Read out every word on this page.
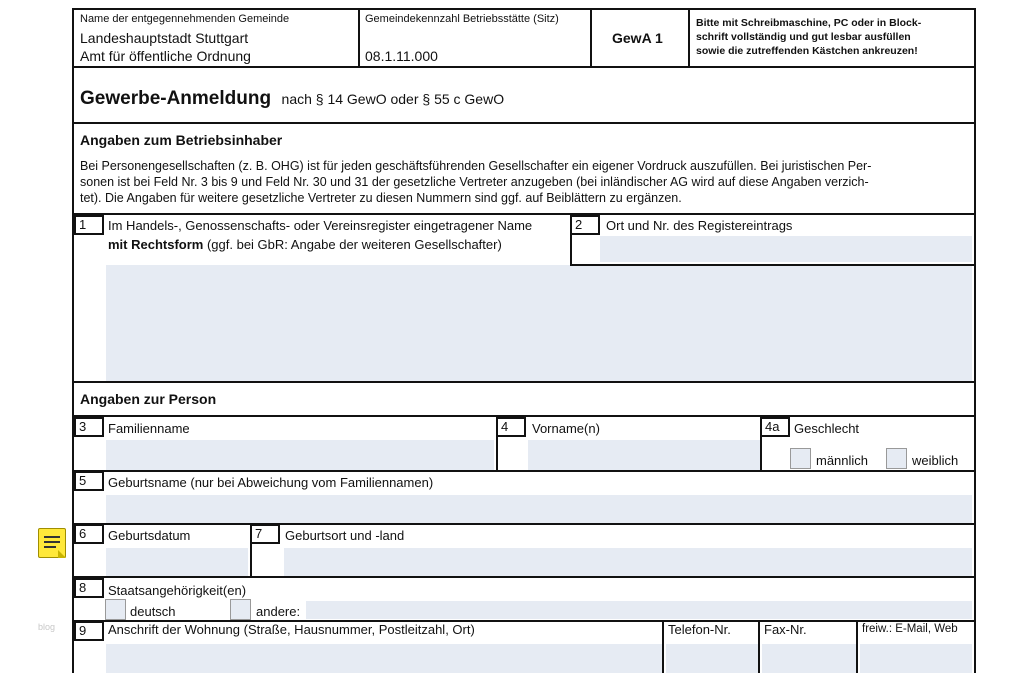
Name der entgegennehmenden Gemeinde
Landeshauptstadt Stuttgart
Amt für öffentliche Ordnung
Gemeindekennzahl Betriebsstätte (Sitz)
08.1.11.000
GewA 1
Bitte mit Schreibmaschine, PC oder in Block-
schrift vollständig und gut lesbar ausfüllen
sowie die zutreffenden Kästchen ankreuzen!
Gewerbe-Anmeldung nach § 14 GewO oder § 55 c GewO
Angaben zum Betriebsinhaber
Bei Personengesellschaften (z. B. OHG) ist für jeden geschäftsführenden Gesellschafter ein eigener Vordruck auszufüllen. Bei juristischen Per-
sonen ist bei Feld Nr. 3 bis 9 und Feld Nr. 30 und 31 der gesetzliche Vertreter anzugeben (bei inländischer AG wird auf diese Angaben verzich-
tet). Die Angaben für weitere gesetzliche Vertreter zu diesen Nummern sind ggf. auf Beiblättern zu ergänzen.
1	Im Handels-, Genossenschafts- oder Vereinsregister eingetragener Name
mit Rechtsform (ggf. bei GbR: Angabe der weiteren Gesellschafter)
2	Ort und Nr. des Registereintrags
Angaben zur Person
3	Familienname	4	Vorname(n)	4a	Geschlecht
männlich	weiblich
5	Geburtsname (nur bei Abweichung vom Familiennamen)
6	Geburtsdatum	7	Geburtsort und -land
8	Staatsangehörigkeit(en)
deutsch	andere:
9	Anschrift der Wohnung (Straße, Hausnummer, Postleitzahl, Ort)	Telefon-Nr.	Fax-Nr.	freiw.: E-Mail, Web
blog
